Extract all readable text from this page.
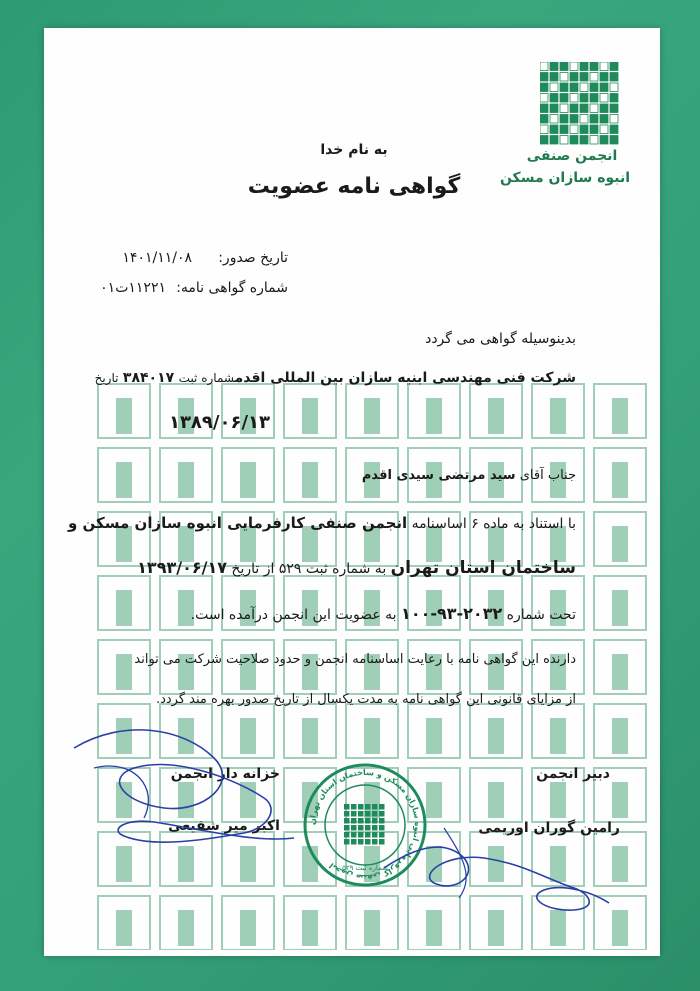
انجمن صنفی
انبوه سازان مسکن
به نام خدا
گواهی نامه عضویت
تاریخ صدور:
۱۴۰۱/۱۱/۰۸
شماره گواهی نامه:
۱۱۲۲۱ت۰۱
بدینوسیله گواهی می گردد
شرکت فنی مهندسی ابنیه سازان بین المللی اقدمشماره ثبت ۳۸۴۰۱۷ تاریخ
۱۳۸۹/۰۶/۱۳
جناب آقای سید مرتضی سیدی اقدم
با استناد به ماده ۶ اساسنامه انجمن صنفی کارفرمایی انبوه سازان مسکن و
ساختمان استان تهران به شماره ثبت ۵۲۹ از تاریخ ۱۳۹۳/۰۶/۱۷
تحت شماره ۲۰۳۲-۹۳-۱۰۰ به عضویت این انجمن درآمده است.
دارنده این گواهی نامه با رعایت اساسنامه انجمن و حدود صلاحیت شرکت می تواند
از مزایای قانونی این گواهی نامه به مدت یکسال از تاریخ صدور بهره مند گردد.
دبیر انجمن
رامین گوران اوریمی
خزانه دار انجمن
اکبر میر شفیعی	انجمن صنفی کارفرمایی انبوه سازان مسکن و ساختمان استان تهران شماره ثبت ۵۲۹
